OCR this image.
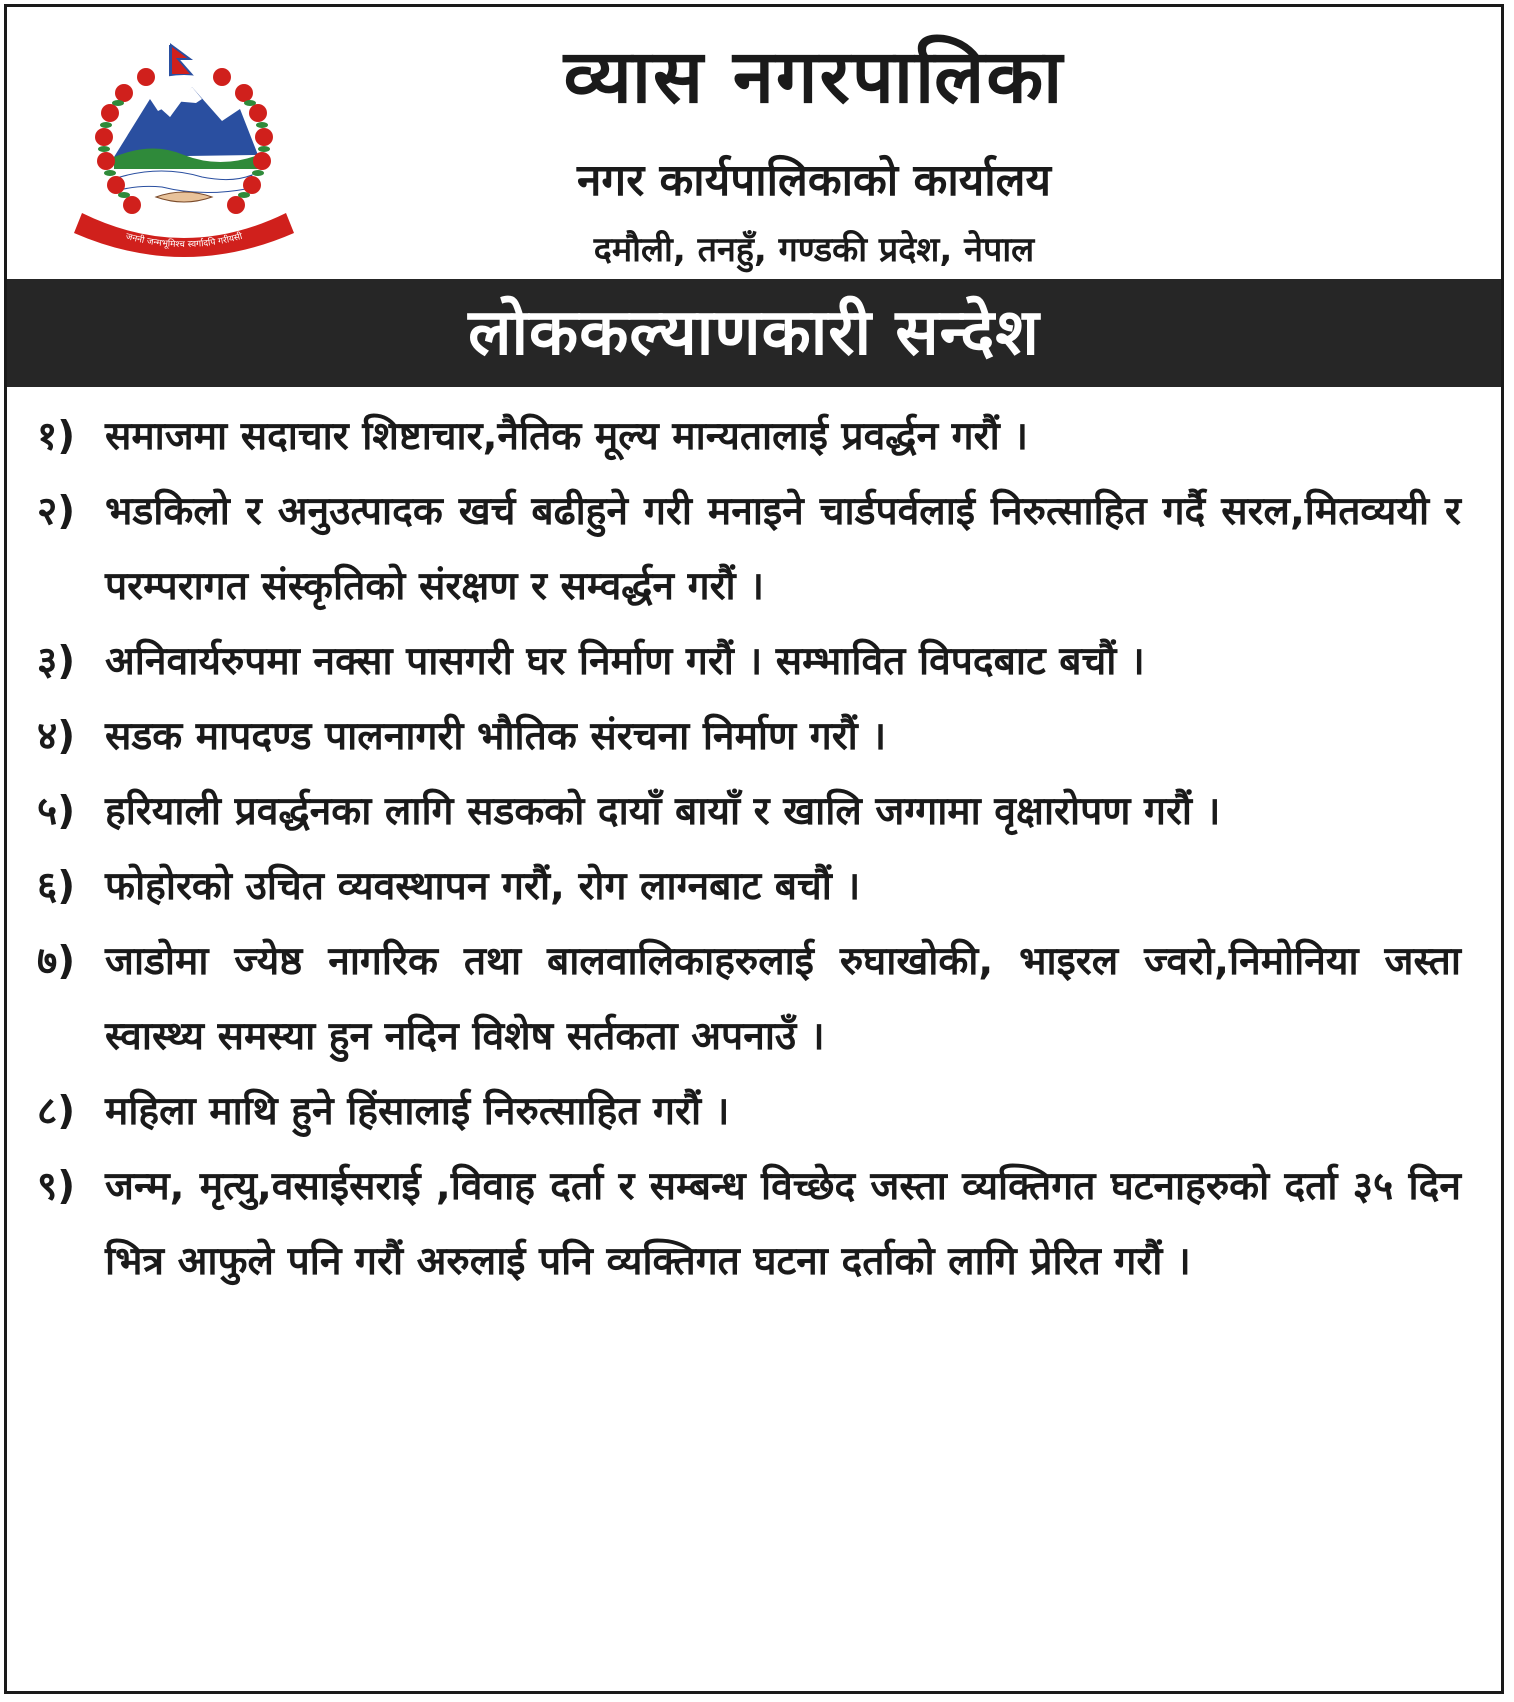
जननी जन्मभूमिश्च स्वर्गादपि गरीयसी
व्यास नगरपालिका
नगर कार्यपालिकाको कार्यालय
दमौली, तनहुँ, गण्डकी प्रदेश, नेपाल
लोककल्याणकारी सन्देश
१) समाजमा सदाचार शिष्टाचार,नैतिक मूल्य मान्यतालाई प्रवर्द्धन गरौं ।
२) भडकिलो र अनुउत्पादक खर्च बढीहुने गरी मनाइने चार्डपर्वलाई निरुत्साहित गर्दै सरल,मितव्ययी र परम्परागत संस्कृतिको संरक्षण र सम्वर्द्धन गरौं ।
३) अनिवार्यरुपमा नक्सा पासगरी घर निर्माण गरौं । सम्भावित विपदबाट बचौं ।
४) सडक मापदण्ड पालनागरी भौतिक संरचना निर्माण गरौं ।
५) हरियाली प्रवर्द्धनका लागि सडकको दायाँ बायाँ र खालि जग्गामा वृक्षारोपण गरौं ।
६) फोहोरको उचित व्यवस्थापन गरौं, रोग लाग्नबाट बचौं ।
७) जाडोमा ज्येष्ठ नागरिक तथा बालवालिकाहरुलाई रुघाखोकी, भाइरल ज्वरो,निमोनिया जस्ता स्वास्थ्य समस्या हुन नदिन विशेष सर्तकता अपनाउँ ।
८) महिला माथि हुने हिंसालाई निरुत्साहित गरौं ।
९) जन्म, मृत्यु,वसाईसराई ,विवाह दर्ता र सम्बन्ध विच्छेद जस्ता व्यक्तिगत घटनाहरुको दर्ता ३५ दिन भित्र आफुले पनि गरौं अरुलाई पनि व्यक्तिगत घटना दर्ताको लागि प्रेरित गरौं ।
